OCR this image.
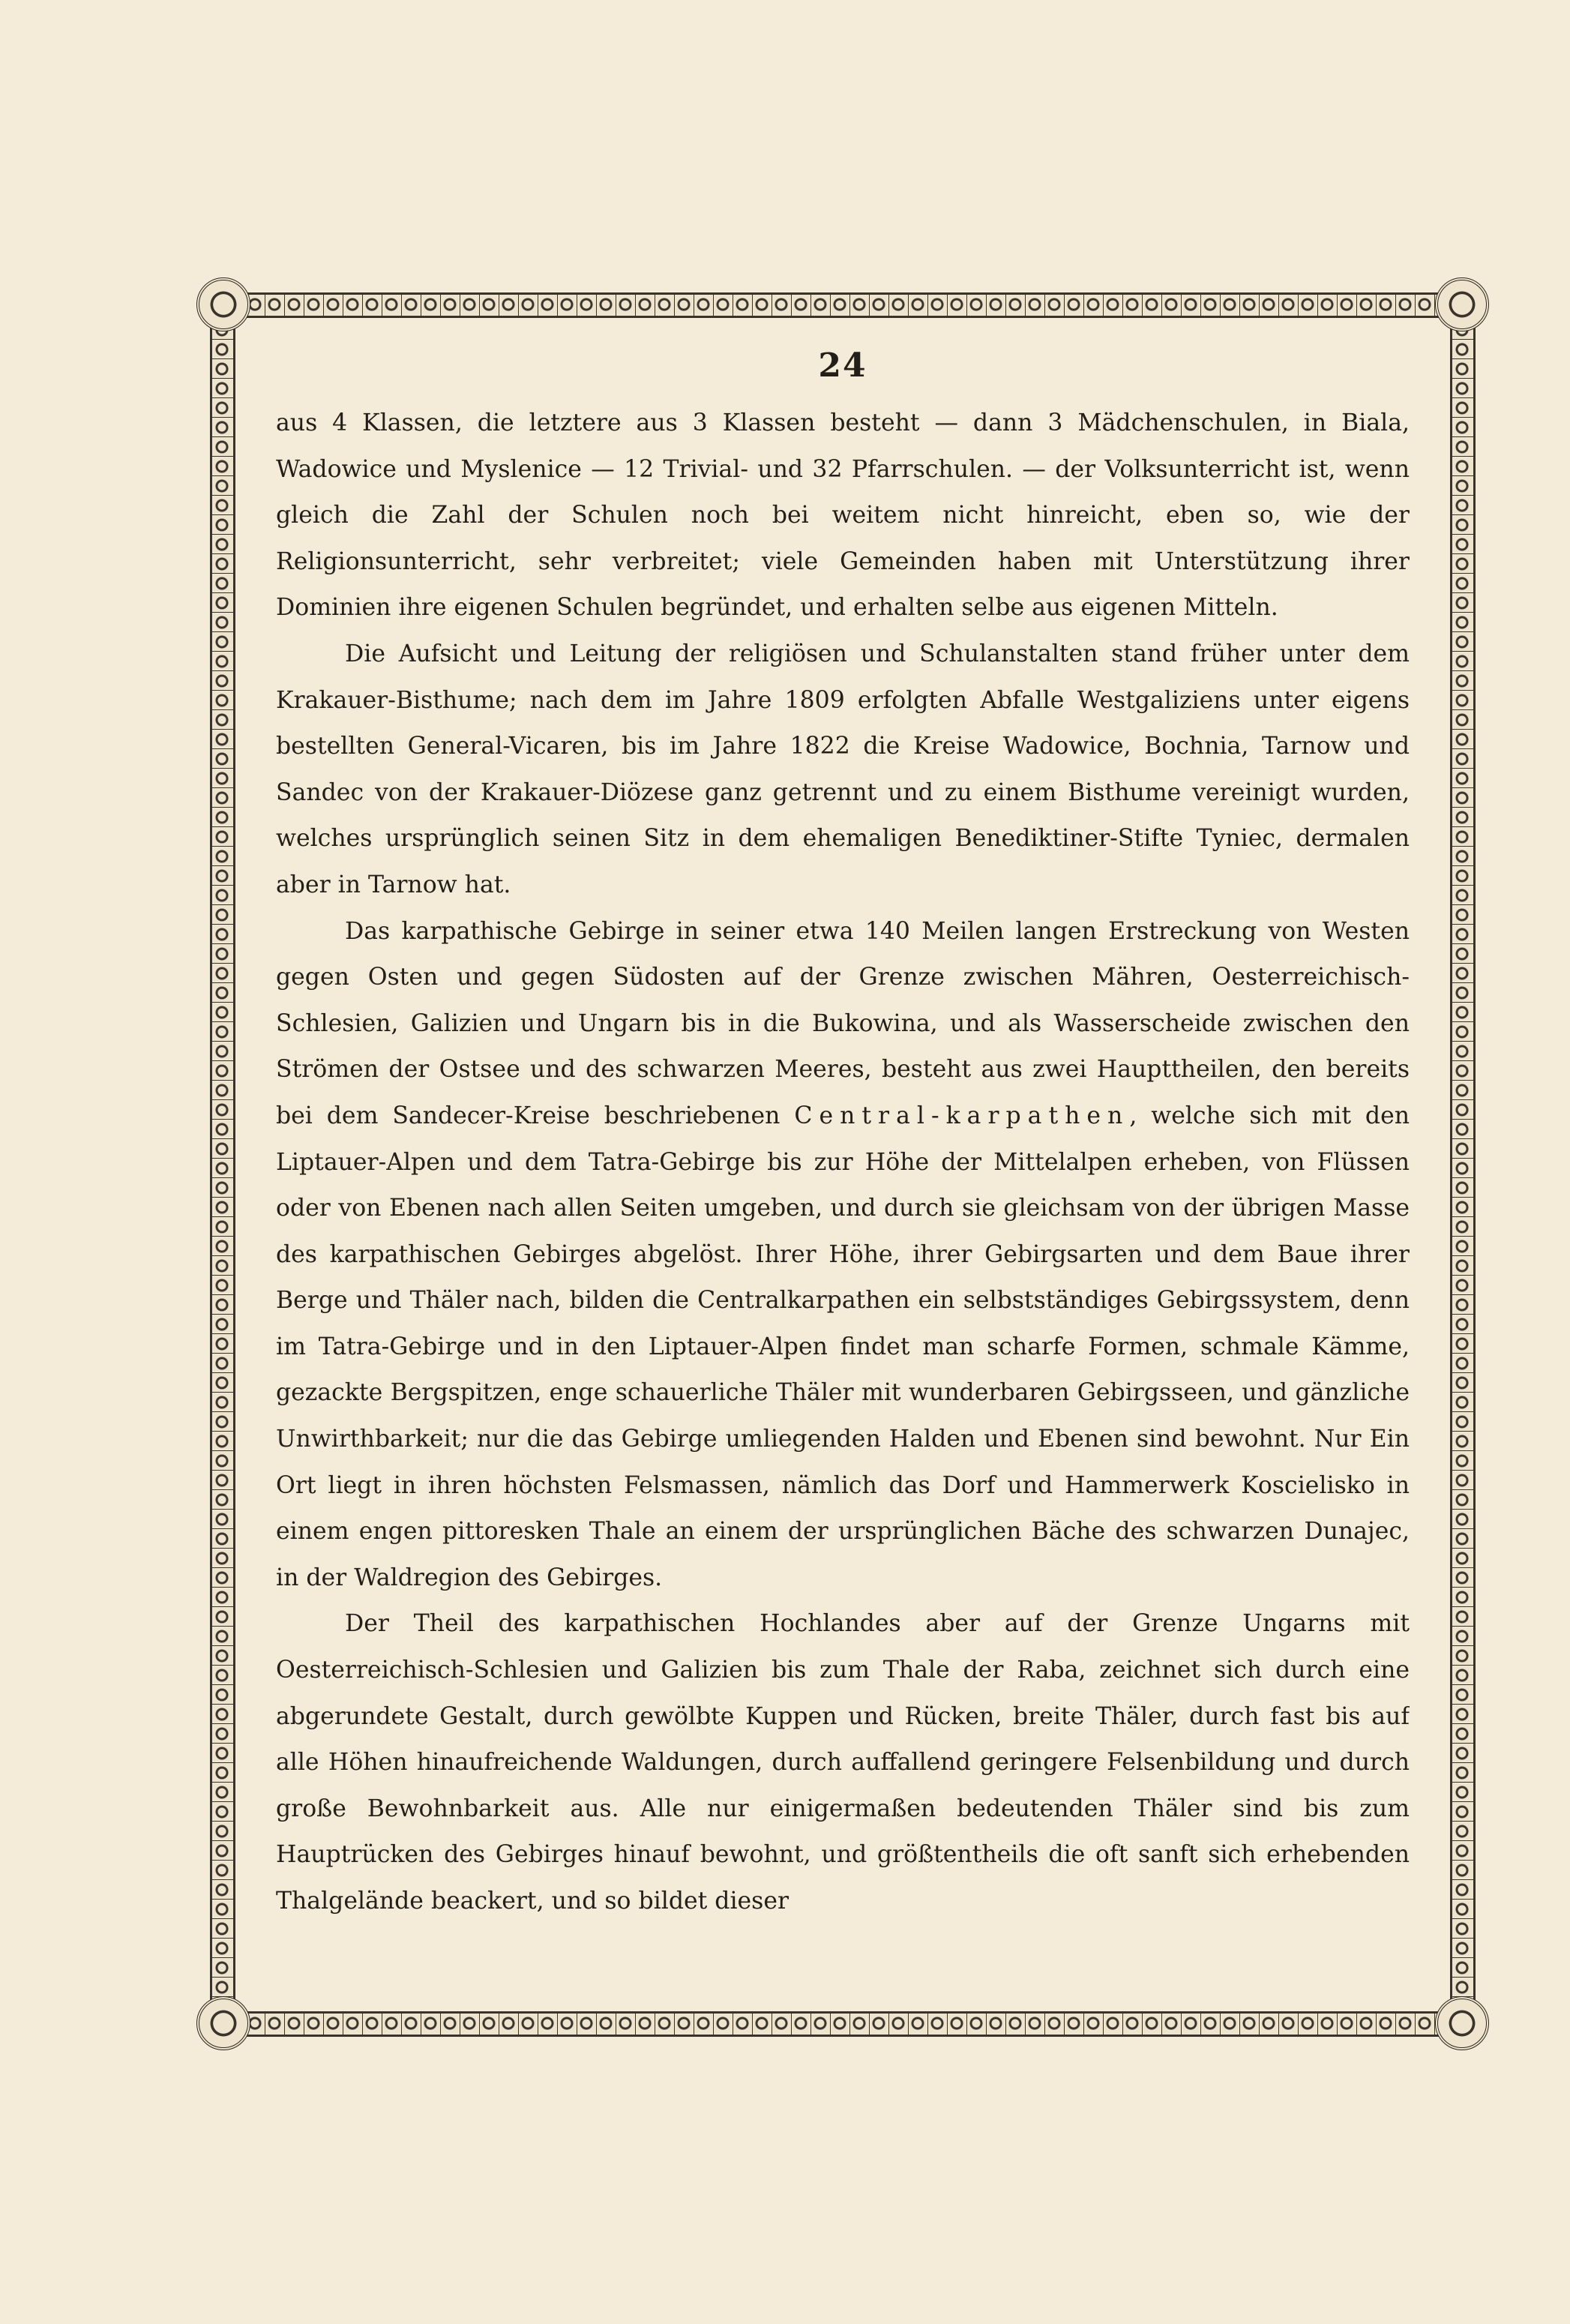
24

aus 4 Klassen, die letztere aus 3 Klassen besteht — dann 3 Mädchenschulen, in Biala, Wadowice und Myslenice — 12 Trivial- und 32 Pfarrschulen. — der Volksunterricht ist, wenn gleich die Zahl der Schulen noch bei weitem nicht hinreicht, eben so, wie der Religionsunterricht, sehr verbreitet; viele Gemeinden haben mit Unterstützung ihrer Dominien ihre eigenen Schulen begründet, und erhalten selbe aus eigenen Mitteln.

Die Aufsicht und Leitung der religiösen und Schulanstalten stand früher unter dem Krakauer-Bisthume; nach dem im Jahre 1809 erfolgten Abfalle Westgaliziens unter eigens bestellten General-Vicaren, bis im Jahre 1822 die Kreise Wadowice, Bochnia, Tarnow und Sandec von der Krakauer-Diözese ganz getrennt und zu einem Bisthume vereinigt wurden, welches ursprünglich seinen Sitz in dem ehemaligen Benediktiner-Stifte Tyniec, dermalen aber in Tarnow hat.

Das karpathische Gebirge in seiner etwa 140 Meilen langen Erstreckung von Westen gegen Osten und gegen Südosten auf der Grenze zwischen Mähren, Oesterreichisch-Schlesien, Galizien und Ungarn bis in die Bukowina, und als Wasserscheide zwischen den Strömen der Ostsee und des schwarzen Meeres, besteht aus zwei Haupttheilen, den bereits bei dem Sandecer-Kreise beschriebenen Central-karpathen, welche sich mit den Liptauer-Alpen und dem Tatra-Gebirge bis zur Höhe der Mittelalpen erheben, von Flüssen oder von Ebenen nach allen Seiten umgeben, und durch sie gleichsam von der übrigen Masse des karpathischen Gebirges abgelöst. Ihrer Höhe, ihrer Gebirgsarten und dem Baue ihrer Berge und Thäler nach, bilden die Centralkarpathen ein selbstständiges Gebirgssystem, denn im Tatra-Gebirge und in den Liptauer-Alpen findet man scharfe Formen, schmale Kämme, gezackte Bergspitzen, enge schauerliche Thäler mit wunderbaren Gebirgsseen, und gänzliche Unwirthbarkeit; nur die das Gebirge umliegenden Halden und Ebenen sind bewohnt. Nur Ein Ort liegt in ihren höchsten Felsmassen, nämlich das Dorf und Hammerwerk Koscielisko in einem engen pittoresken Thale an einem der ursprünglichen Bäche des schwarzen Dunajec, in der Waldregion des Gebirges.

Der Theil des karpathischen Hochlandes aber auf der Grenze Ungarns mit Oesterreichisch-Schlesien und Galizien bis zum Thale der Raba, zeichnet sich durch eine abgerundete Gestalt, durch gewölbte Kuppen und Rücken, breite Thäler, durch fast bis auf alle Höhen hinaufreichende Waldungen, durch auffallend geringere Felsenbildung und durch große Bewohnbarkeit aus. Alle nur einigermaßen bedeutenden Thäler sind bis zum Hauptrücken des Gebirges hinauf bewohnt, und größtentheils die oft sanft sich erhebenden Thalgelände beackert, und so bildet dieser
